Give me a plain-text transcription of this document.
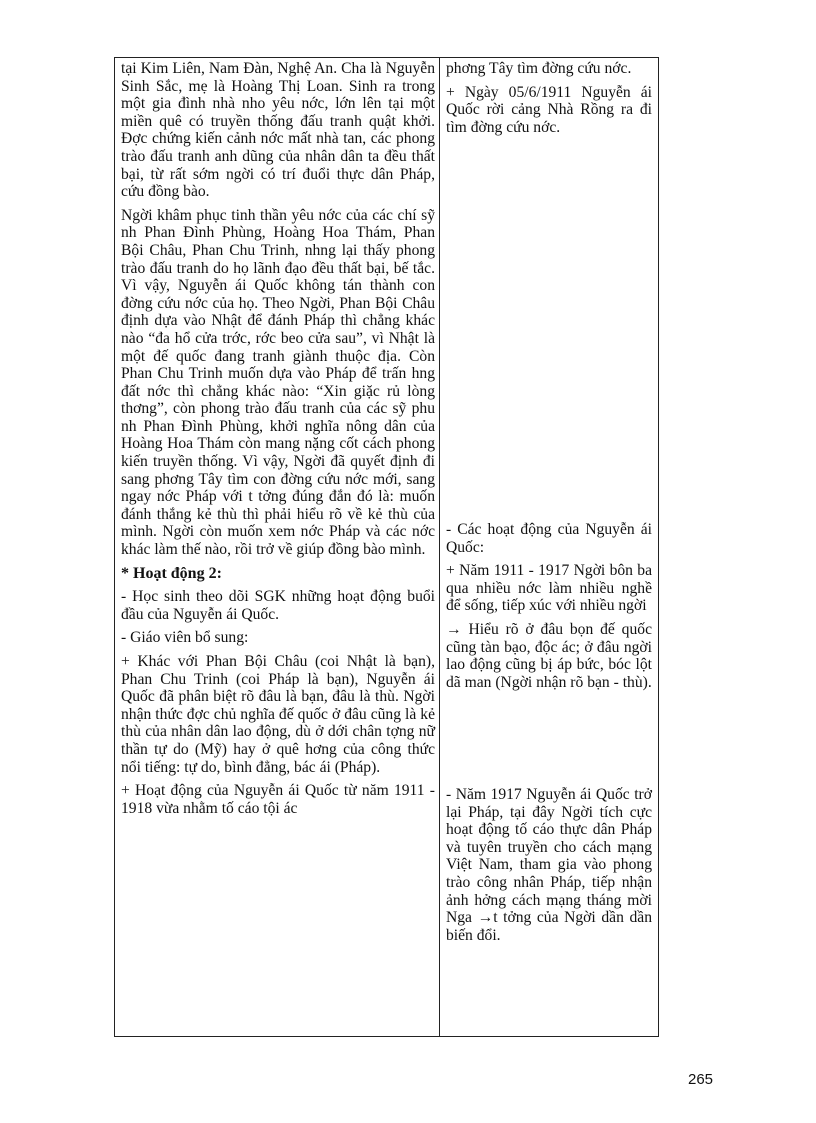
tại Kim Liên, Nam Đàn, Nghệ An. Cha là Nguyễn Sinh Sắc, mẹ là Hoàng Thị Loan. Sinh ra trong một gia đình nhà nho yêu nớc, lớn lên tại một miền quê có truyền thống đấu tranh quật khởi. Đợc chứng kiến cảnh nớc mất nhà tan, các phong trào đấu tranh anh dũng của nhân dân ta đều thất bại, từ rất sớm ngời có trí đuổi thực dân Pháp, cứu đồng bào.

Ngời khâm phục tinh thần yêu nớc của các chí sỹ nh Phan Đình Phùng, Hoàng Hoa Thám, Phan Bội Châu, Phan Chu Trinh, nhng lại thấy phong trào đấu tranh do họ lãnh đạo đều thất bại, bế tắc. Vì vậy, Nguyễn ái Quốc không tán thành con đờng cứu nớc của họ. Theo Ngời, Phan Bội Châu định dựa vào Nhật để đánh Pháp thì chẳng khác nào “đa hổ cửa trớc, rớc beo cửa sau”, vì Nhật là một đế quốc đang tranh giành thuộc địa. Còn Phan Chu Trinh muốn dựa vào Pháp để trấn hng đất nớc thì chẳng khác nào: “Xin giặc rủ lòng thơng”, còn phong trào đấu tranh của các sỹ phu nh Phan Đình Phùng, khởi nghĩa nông dân của Hoàng Hoa Thám còn mang nặng cốt cách phong kiến truyền thống. Vì vậy, Ngời đã quyết định đi sang phơng Tây tìm con đờng cứu nớc mới, sang ngay nớc Pháp với t tởng đúng đắn đó là: muốn đánh thắng kẻ thù thì phải hiểu rõ về kẻ thù của mình. Ngời còn muốn xem nớc Pháp và các nớc khác làm thế nào, rồi trở về giúp đồng bào mình.

* Hoạt động 2:

- Học sinh theo dõi SGK những hoạt động buổi đầu của Nguyễn ái Quốc.

- Giáo viên bổ sung:

+ Khác với Phan Bội Châu (coi Nhật là bạn), Phan Chu Trinh (coi Pháp là bạn), Nguyễn ái Quốc đã phân biệt rõ đâu là bạn, đâu là thù. Ngời nhận thức đợc chủ nghĩa đế quốc ở đâu cũng là kẻ thù của nhân dân lao động, dù ở dới chân tợng nữ thần tự do (Mỹ) hay ở quê hơng của công thức nổi tiếng: tự do, bình đẳng, bác ái (Pháp).

+ Hoạt động của Nguyễn ái Quốc từ năm 1911 - 1918 vừa nhằm tố cáo tội ác

phơng Tây tìm đờng cứu nớc.

+ Ngày 05/6/1911 Nguyễn ái Quốc rời cảng Nhà Rồng ra đi tìm đờng cứu nớc.

- Các hoạt động của Nguyễn ái Quốc:

+ Năm 1911 - 1917 Ngời bôn ba qua nhiều nớc làm nhiều nghề để sống, tiếp xúc với nhiều ngời

→ Hiểu rõ ở đâu bọn đế quốc cũng tàn bạo, độc ác; ở đâu ngời lao động cũng bị áp bức, bóc lột dã man (Ngời nhận rõ bạn - thù).

- Năm 1917 Nguyễn ái Quốc trở lại Pháp, tại đây Ngời tích cực hoạt động tố cáo thực dân Pháp và tuyên truyền cho cách mạng Việt Nam, tham gia vào phong trào công nhân Pháp, tiếp nhận ảnh hởng cách mạng tháng mời Nga →t tởng của Ngời dần dần biến đổi.

265
